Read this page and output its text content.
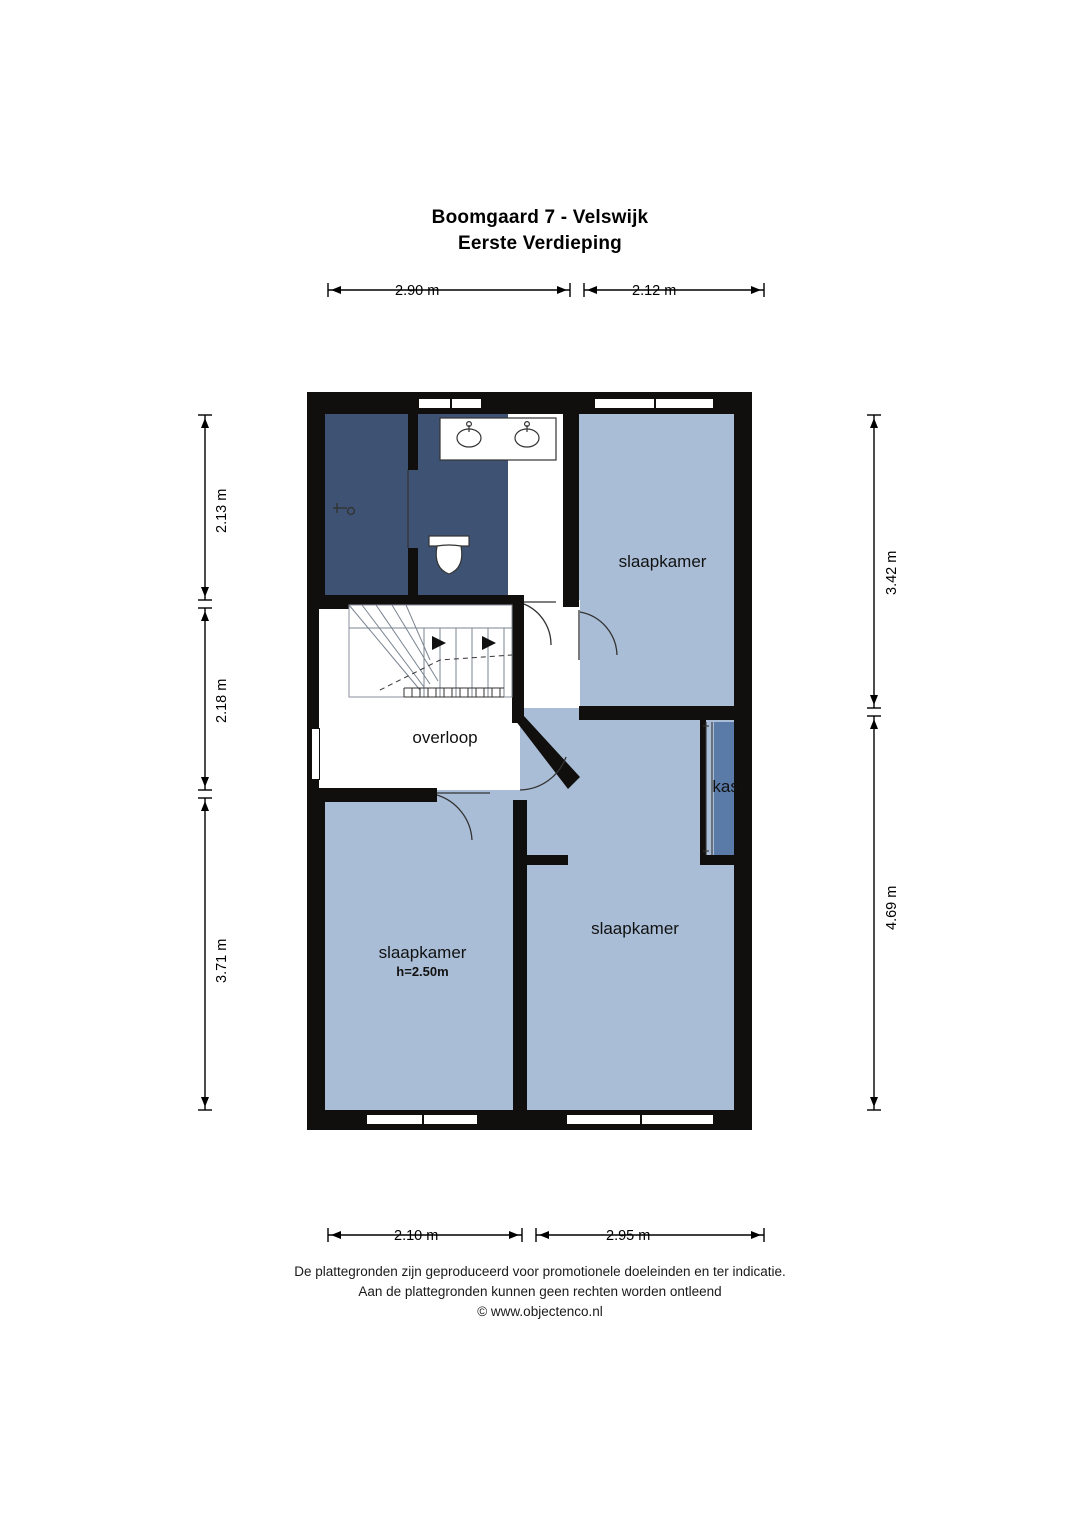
Boomgaard 7 - Velswijk
Eerste Verdieping
slaapkamer
overloop
kast
slaapkamer
slaapkamer
h=2.50m
2.90 m	2.12 m
2.10 m	2.95 m
2.13 m
2.18 m
3.71 m
3.42 m
4.69 m
De plattegronden zijn geproduceerd voor promotionele doeleinden en ter indicatie.
Aan de plattegronden kunnen geen rechten worden ontleend
© www.objectenco.nl
